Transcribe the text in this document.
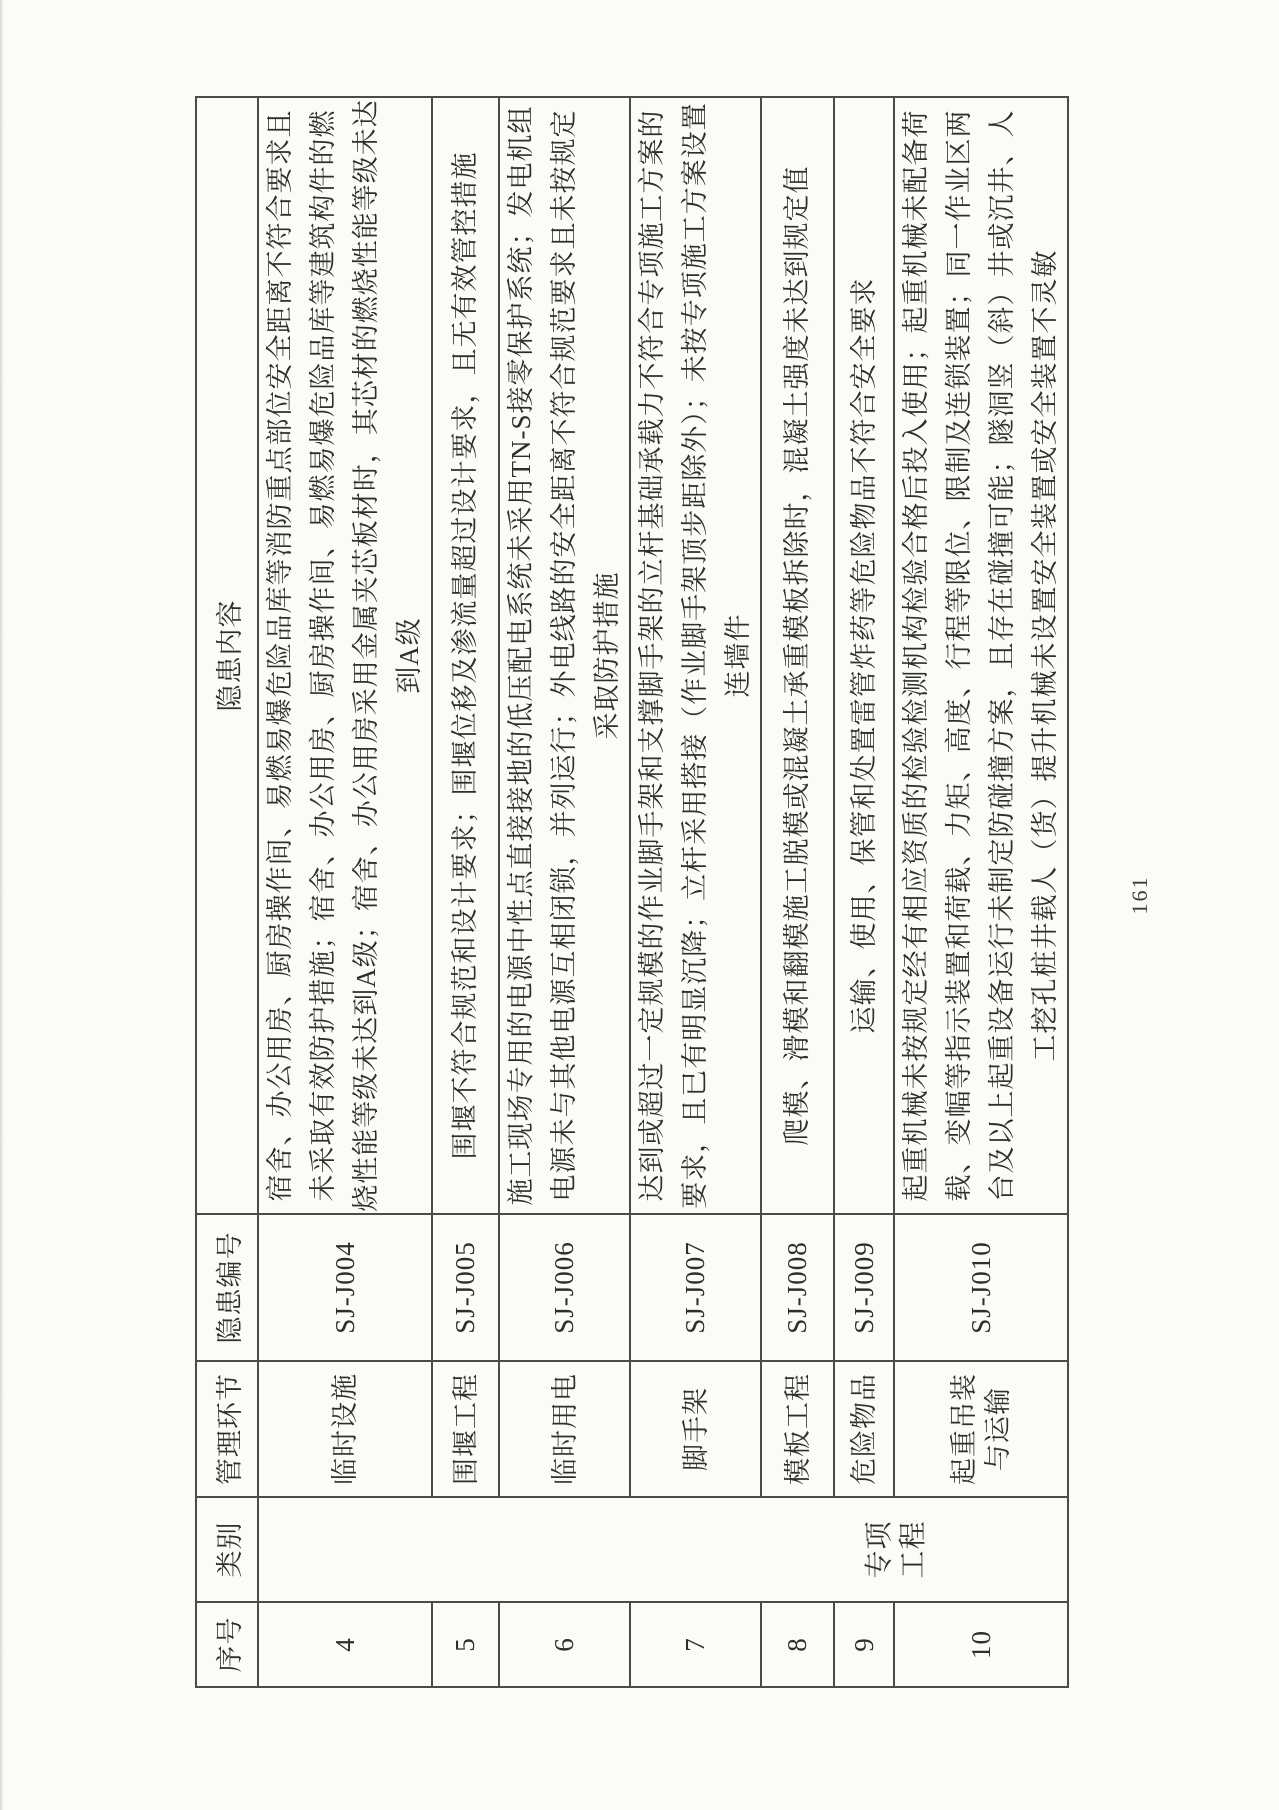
序号	类别	管理环节	隐患编号	隐患内容
4	专项工程	临时设施	SJ-J004	宿舍、办公用房、厨房操作间、易燃易爆危险品库等消防重点部位安全距离不符合要求且未采取有效防护措施；宿舍、办公用房、厨房操作间、易燃易爆危险品库等建筑构件的燃烧性能等级未达到A级；宿舍、办公用房采用金属夹芯板材时，其芯材的燃烧性能等级未达到A级
5		围堰工程	SJ-J005	围堰不符合规范和设计要求；围堰位移及渗流量超过设计要求，且无有效管控措施
6		临时用电	SJ-J006	施工现场专用的电源中性点直接接地的低压配电系统未采用TN-S接零保护系统；发电机组电源未与其他电源互相闭锁，并列运行；外电线路的安全距离不符合规范要求且未按规定采取防护措施
7		脚手架	SJ-J007	达到或超过一定规模的作业脚手架和支撑脚手架的立杆基础承载力不符合专项施工方案的要求，且已有明显沉降；立杆采用搭接（作业脚手架顶步距除外）；未按专项施工方案设置连墙件
8		模板工程	SJ-J008	爬模、滑模和翻模施工脱模或混凝土承重模板拆除时，混凝土强度未达到规定值
9		危险物品	SJ-J009	运输、使用、保管和处置雷管炸药等危险物品不符合安全要求
10		起重吊装与运输	SJ-J010	起重机械未按规定经有相应资质的检验检测机构检验合格后投入使用；起重机械未配备荷载、变幅等指示装置和荷载、力矩、高度、行程等限位、限制及连锁装置；同一作业区两台及以上起重设备运行未制定防碰撞方案，且存在碰撞可能；隧洞竖（斜）井或沉井、人工挖孔桩井载人（货）提升机械未设置安全装置或安全装置不灵敏	161
